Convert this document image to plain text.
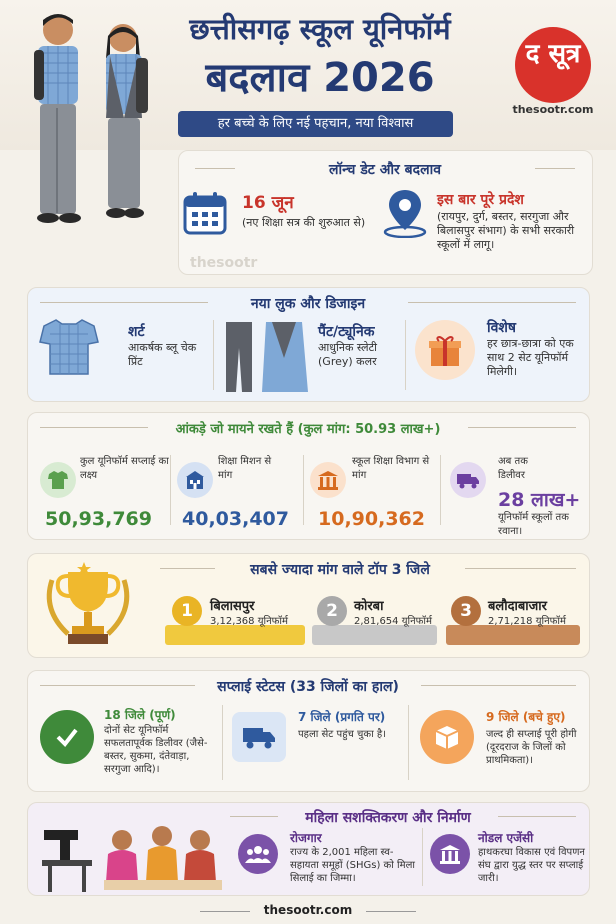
छत्तीसगढ़ स्कूल यूनिफॉर्म
बदलाव 2026
हर बच्चे के लिए नई पहचान, नया विश्वास
द सूत्र
thesootr.com
लॉन्च डेट और बदलाव
16 जून
(नए शिक्षा सत्र की शुरुआत से)
thesootr
इस बार पूरे प्रदेश
(रायपुर, दुर्ग, बस्तर, सरगुजा और बिलासपुर संभाग) के सभी सरकारी स्कूलों में लागू।
नया लुक और डिजाइन
शर्ट
आकर्षक ब्लू चेक प्रिंट
पैंट/ट्यूनिक
आधुनिक स्लेटी (Grey) कलर
विशेष
हर छात्र-छात्रा को एक साथ 2 सेट यूनिफॉर्म मिलेगी।
आंकड़े जो मायने रखते हैं (कुल मांग: 50.93 लाख+)
कुल यूनिफॉर्म सप्लाई का लक्ष्य
50,93,769
शिक्षा मिशन से मांग
40,03,407
स्कूल शिक्षा विभाग से मांग
10,90,362
अब तक डिलीवर
28 लाख+
यूनिफॉर्म स्कूलों तक रवाना।
सबसे ज्यादा मांग वाले टॉप 3 जिले
1	बिलासपुर
3,12,368 यूनिफॉर्म
2	कोरबा
2,81,654 यूनिफॉर्म
3	बलौदाबाजार
2,71,218 यूनिफॉर्म
सप्लाई स्टेटस (33 जिलों का हाल)
18 जिले (पूर्ण)
दोनों सेट यूनिफॉर्म सफलतापूर्वक डिलीवर (जैसे- बस्तर, सुकमा, दंतेवाड़ा, सरगुजा आदि)।
7 जिले (प्रगति पर)
पहला सेट पहुंच चुका है।
9 जिले (बचे हुए)
जल्द ही सप्लाई पूरी होगी (दूरदराज के जिलों को प्राथमिकता)।
महिला सशक्तिकरण और निर्माण
रोजगार
राज्य के 2,001 महिला स्व-सहायता समूहों (SHGs) को मिला सिलाई का जिम्मा।
नोडल एजेंसी
हाथकरघा विकास एवं विपणन संघ द्वारा युद्ध स्तर पर सप्लाई जारी।
thesootr.com
